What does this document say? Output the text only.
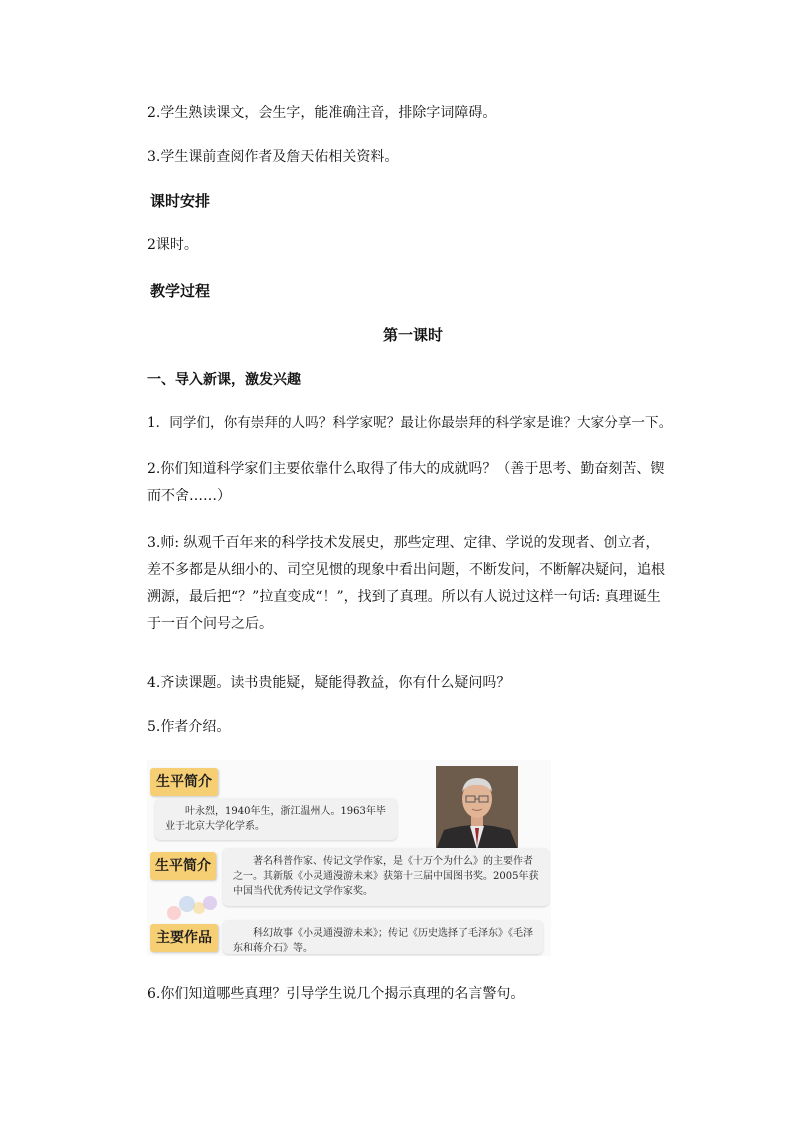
2.学生熟读课文，会生字，能准确注音，排除字词障碍。
3.学生课前查阅作者及詹天佑相关资料。
课时安排
2课时。
教学过程
第一课时
一、导入新课，激发兴趣
1．同学们，你有崇拜的人吗？科学家呢？最让你最崇拜的科学家是谁？大家分享一下。
2.你们知道科学家们主要依靠什么取得了伟大的成就吗？（善于思考、勤奋刻苦、锲而不舍……）
3.师: 纵观千百年来的科学技术发展史，那些定理、定律、学说的发现者、创立者，差不多都是从细小的、司空见惯的现象中看出问题，不断发问，不断解决疑问，追根溯源，最后把“？”拉直变成“！”，找到了真理。所以有人说过这样一句话: 真理诞生于一百个问号之后。
4.齐读课题。读书贵能疑，疑能得教益，你有什么疑问吗？
5.作者介绍。
生平简介
叶永烈，1940年生，浙江温州人。1963年毕业于北京大学化学系。
生平简介	著名科普作家、传记文学作家，是《十万个为什么》的主要作者之一。其新版《小灵通漫游未来》获第十三届中国图书奖。2005年获中国当代优秀传记文学作家奖。
主要作品	科幻故事《小灵通漫游未来》；传记《历史选择了毛泽东》《毛泽东和蒋介石》等。
6.你们知道哪些真理？引导学生说几个揭示真理的名言警句。
